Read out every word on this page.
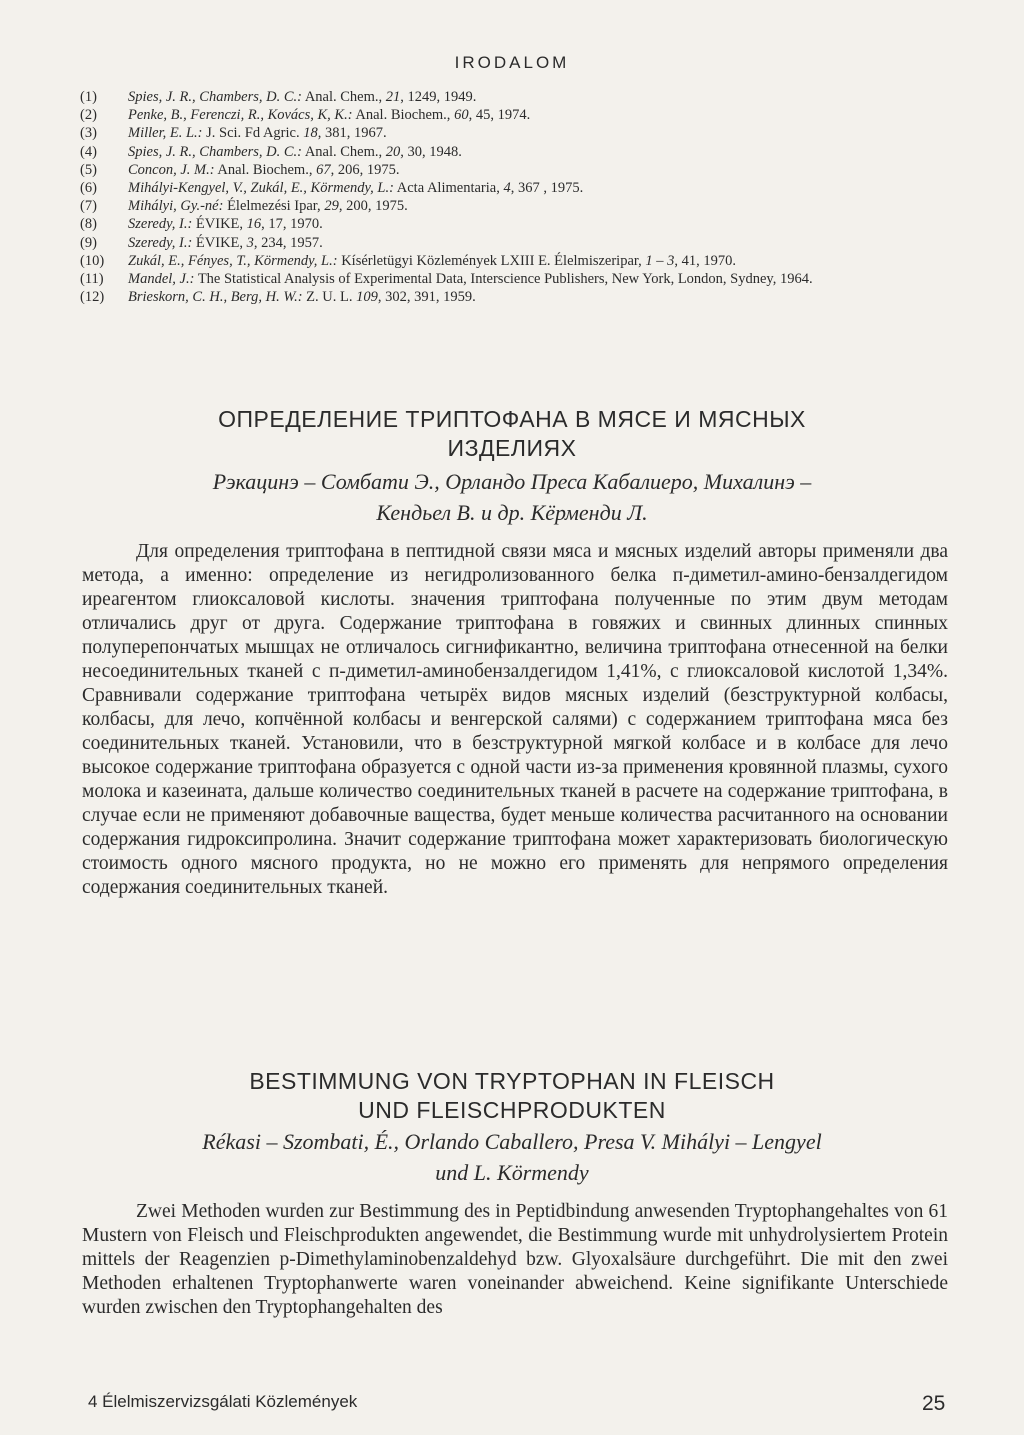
IRODALOM
(1)	Spies, J. R., Chambers, D. C.: Anal. Chem., 21, 1249, 1949.
(2)	Penke, B., Ferenczi, R., Kovács, K, K.: Anal. Biochem., 60, 45, 1974.
(3)	Miller, E. L.: J. Sci. Fd Agric. 18, 381, 1967.
(4)	Spies, J. R., Chambers, D. C.: Anal. Chem., 20, 30, 1948.
(5)	Concon, J. M.: Anal. Biochem., 67, 206, 1975.
(6)	Mihályi-Kengyel, V., Zukál, E., Körmendy, L.: Acta Alimentaria, 4, 367 , 1975.
(7)	Mihályi, Gy.-né: Élelmezési Ipar, 29, 200, 1975.
(8)	Szeredy, I.: ÉVIKE, 16, 17, 1970.
(9)	Szeredy, I.: ÉVIKE, 3, 234, 1957.
(10)	Zukál, E., Fényes, T., Körmendy, L.: Kísérletügyi Közlemények LXIII E. Élelmiszeripar, 1 – 3, 41, 1970.
(11)	Mandel, J.: The Statistical Analysis of Experimental Data, Interscience Publishers, New York, London, Sydney, 1964.
(12)	Brieskorn, C. H., Berg, H. W.: Z. U. L. 109, 302, 391, 1959.
ОПРЕДЕЛЕНИЕ ТРИПТОФАНА В МЯСЕ И МЯСНЫХ
ИЗДЕЛИЯХ
Рэкацинэ – Сомбати Э., Орландо Преса Кабалиеро, Михалинэ –
Кендьел В. и др. Кёрменди Л.

Для определения триптофана в пептидной связи мяса и мясных изделий авторы применяли два метода, а именно: определение из негидролизованного белка п-диметил-амино-бензалдегидом иреагентом глиоксаловой кислоты. значения триптофана полученные по этим двум методам отличались друг от друга. Содержание триптофана в говяжих и свинных длинных спинных полуперепончатых мышцах не отличалось сигнификантно, величина триптофана отнесенной на белки несоединительных тканей с п-диметил-аминобензалдегидом 1,41%, с глиоксаловой кислотой 1,34%. Сравнивали содержание триптофана четырёх видов мясных изделий (безструктурной колбасы, колбасы, для лечо, копчённой колбасы и венгерской салями) с содержанием триптофана мяса без соединительных тканей. Установили, что в безструктурной мягкой колбасе и в колбасе для лечо высокое содержание триптофана образуется с одной части из-за применения кровянной плазмы, сухого молока и казеината, дальше количество соединительных тканей в расчете на содержание триптофана, в случае если не применяют добавочные ващества, будет меньше количества расчитанного на основании содержания гидроксипролина. Значит содержание триптофана может характеризовать биологическую стоимость одного мясного продукта, но не можно его применять для непрямого определения содержания соединительных тканей.

BESTIMMUNG VON TRYPTOPHAN IN FLEISCH
UND FLEISCHPRODUKTEN
Rékasi – Szombati, É., Orlando Caballero, Presa V. Mihályi – Lengyel
und L. Körmendy

Zwei Methoden wurden zur Bestimmung des in Peptidbindung anwesenden Tryptophangehaltes von 61 Mustern von Fleisch und Fleischprodukten angewendet, die Bestimmung wurde mit unhydrolysiertem Protein mittels der Reagenzien p-Dimethylaminobenzaldehyd bzw. Glyoxalsäure durchgeführt. Die mit den zwei Methoden erhaltenen Tryptophanwerte waren voneinander abweichend. Keine signifikante Unterschiede wurden zwischen den Tryptophangehalten des

4 Élelmiszervizsgálati Közlemények	25
